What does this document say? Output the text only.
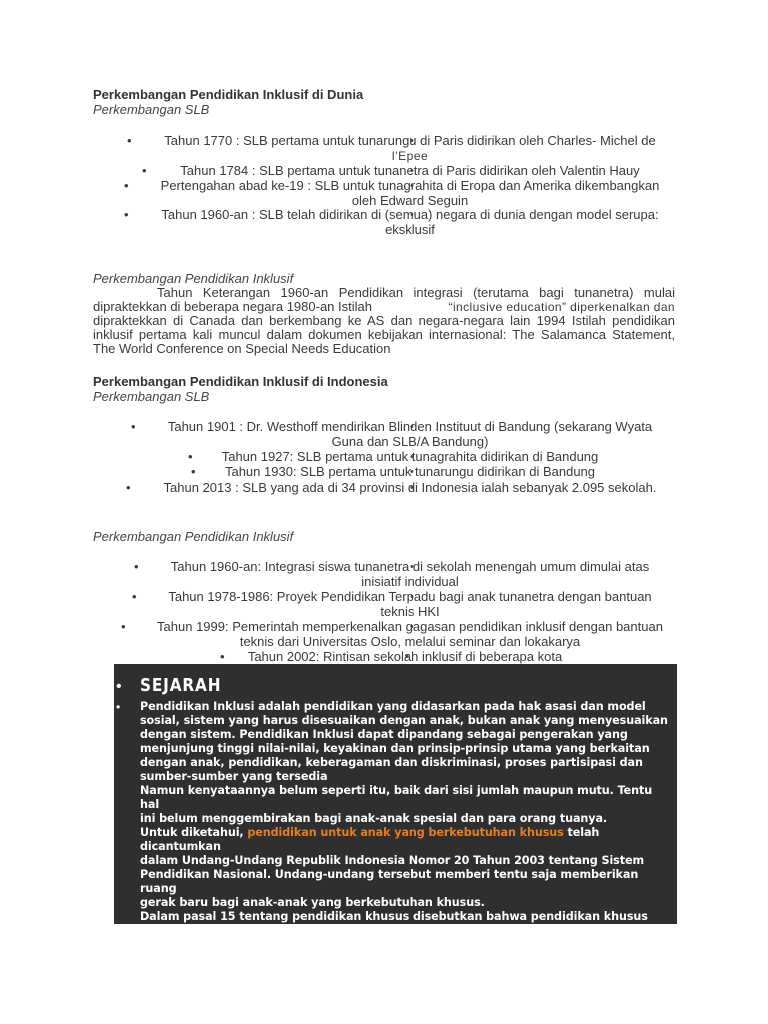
Perkembangan Pendidikan Inklusif di Dunia
Perkembangan SLB
• •	Tahun 1770 : SLB pertama untuk tunarungu di Paris didirikan oleh Charles- Michel de
l’Epee
• •	Tahun 1784 : SLB pertama untuk tunanetra di Paris didirikan oleh Valentin Hauy
• •	Pertengahan abad ke-19 : SLB untuk tunagrahita di Eropa dan Amerika dikembangkan
oleh Edward Seguin
• •	Tahun 1960-an : SLB telah didirikan di (semua) negara di dunia dengan model serupa:
eksklusif
Perkembangan Pendidikan Inklusif
Tahun Keterangan 1960-an Pendidikan integrasi (terutama bagi tunanetra) mulai
dipraktekkan di beberapa negara 1980-an Istilah	“inclusive education” diperkenalkan dan
dipraktekkan di Canada dan berkembang ke AS dan negara-negara lain 1994 Istilah pendidikan
inklusif pertama kali muncul dalam dokumen kebijakan internasional: The Salamanca Statement,
The World Conference on Special Needs Education
Perkembangan Pendidikan Inklusif di Indonesia
Perkembangan SLB
• •	Tahun 1901 : Dr. Westhoff mendirikan Blinden Instituut di Bandung (sekarang Wyata
Guna dan SLB/A Bandung)
• •	Tahun 1927: SLB pertama untuk tunagrahita didirikan di Bandung
• •	Tahun 1930: SLB pertama untuk tunarungu didirikan di Bandung
• •	Tahun 2013 : SLB yang ada di 34 provinsi di Indonesia ialah sebanyak 2.095 sekolah.
Perkembangan Pendidikan Inklusif
• •	Tahun 1960-an: Integrasi siswa tunanetra di sekolah menengah umum dimulai atas
inisiatif individual
• •	Tahun 1978-1986: Proyek Pendidikan Terpadu bagi anak tunanetra dengan bantuan
teknis HKI
• •	Tahun 1999: Pemerintah memperkenalkan gagasan pendidikan inklusif dengan bantuan
teknis dari Universitas Oslo, melalui seminar dan lokakarya
• •	Tahun 2002: Rintisan sekolah inklusif di beberapa kota
• SEJARAH
• Pendidikan Inklusi adalah pendidikan yang didasarkan pada hak asasi dan model
sosial, sistem yang harus disesuaikan dengan anak, bukan anak yang menyesuaikan
dengan sistem. Pendidikan Inklusi dapat dipandang sebagai pengerakan yang
menjunjung tinggi nilai-nilai, keyakinan dan prinsip-prinsip utama yang berkaitan
dengan anak, pendidikan, keberagaman dan diskriminasi, proses partisipasi dan
sumber-sumber yang tersedia
Namun kenyataannya belum seperti itu, baik dari sisi jumlah maupun mutu. Tentu hal
ini belum menggembirakan bagi anak-anak spesial dan para orang tuanya.
Untuk diketahui, pendidikan untuk anak yang berkebutuhan khusus telah dicantumkan
dalam Undang-Undang Republik Indonesia Nomor 20 Tahun 2003 tentang Sistem
Pendidikan Nasional. Undang-undang tersebut memberi tentu saja memberikan ruang
gerak baru bagi anak-anak yang berkebutuhan khusus.
Dalam pasal 15 tentang pendidikan khusus disebutkan bahwa pendidikan khusus
merupakan pendidikan untuk peserta didik yang berkelainan atau peserta didik yang
memiliki kecerdasan luar biasa yang diselenggarakan secara inklusif atau berupa
satuan pendidikan khusus pada tingkat pendidikan dasar dan menengah. Pasal inilah
